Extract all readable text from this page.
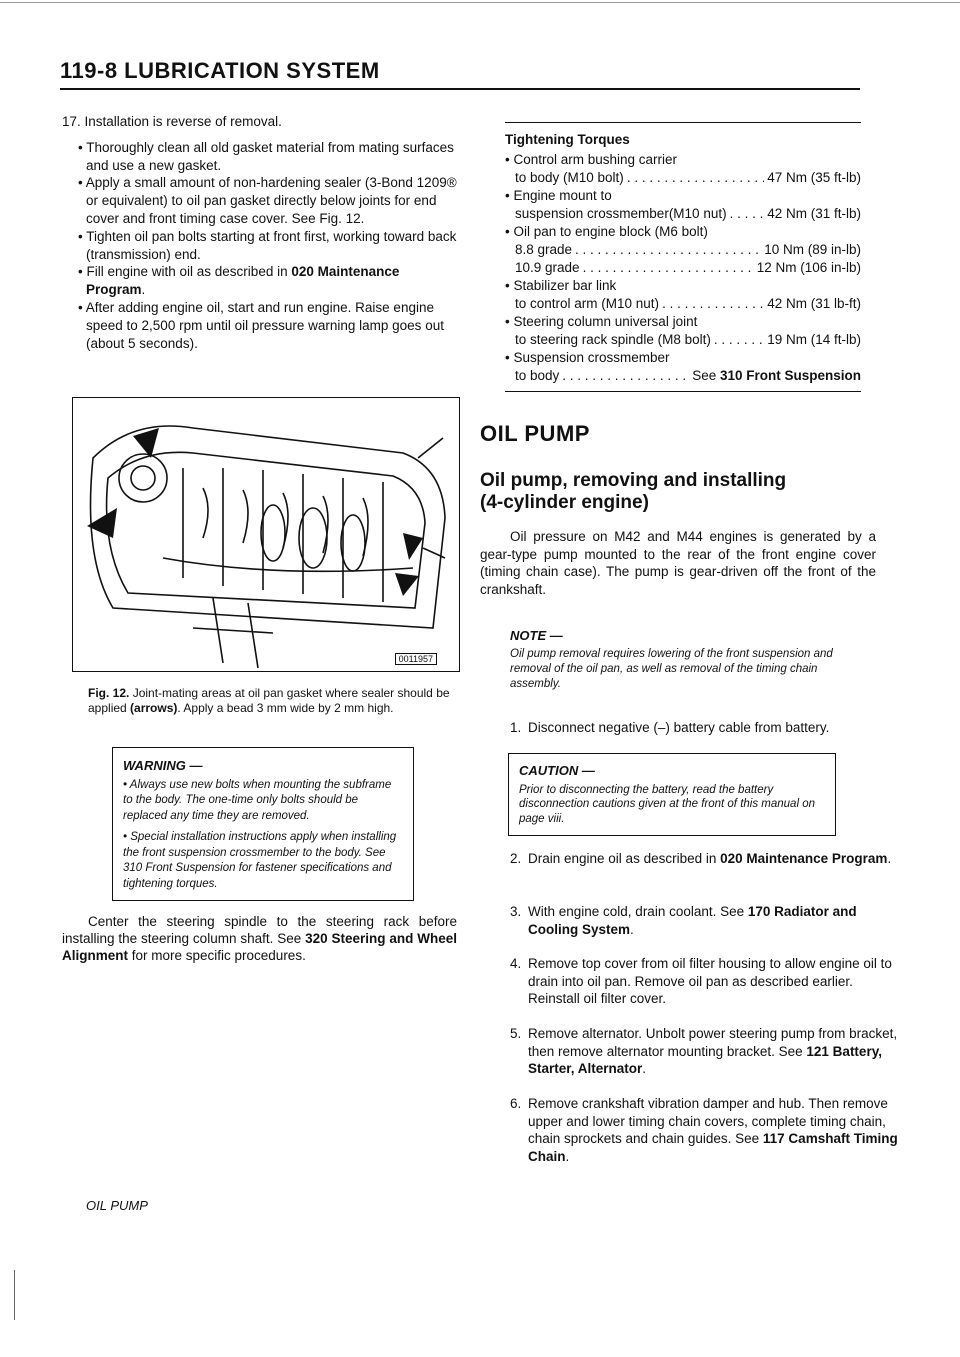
119-8 LUBRICATION SYSTEM

17. Installation is reverse of removal.

• Thoroughly clean all old gasket material from mating surfaces and use a new gasket.

• Apply a small amount of non-hardening sealer (3-Bond 1209® or equivalent) to oil pan gasket directly below joints for end cover and front timing case cover. See Fig. 12.

• Tighten oil pan bolts starting at front first, working toward back (transmission) end.

• Fill engine with oil as described in 020 Maintenance Program.

• After adding engine oil, start and run engine. Raise engine speed to 2,500 rpm until oil pressure warning lamp goes out (about 5 seconds).

Tightening Torques
• Control arm bushing carrier
to body (M10 bolt) . . .	47 Nm (35 ft-lb)
• Engine mount to
suspension crossmember(M10 nut) . . .	42 Nm (31 ft-lb)
• Oil pan to engine block (M6 bolt)
8.8 grade . . .	10 Nm (89 in-lb)
10.9 grade . . .	12 Nm (106 in-lb)
• Stabilizer bar link
to control arm (M10 nut) . . .	42 Nm (31 lb-ft)
• Steering column universal joint
to steering rack spindle (M8 bolt) . . .	19 Nm (14 ft-lb)
• Suspension crossmember
to body . . .	See 310 Front Suspension
0011957
Fig. 12. Joint-mating areas at oil pan gasket where sealer should be applied (arrows). Apply a bead 3 mm wide by 2 mm high.
WARNING —

• Always use new bolts when mounting the subframe to the body. The one-time only bolts should be replaced any time they are removed.

• Special installation instructions apply when installing the front suspension crossmember to the body. See 310 Front Suspension for fastener specifications and tightening torques.

Center the steering spindle to the steering rack before installing the steering column shaft. See 320 Steering and Wheel Alignment for more specific procedures.
OIL PUMP
Oil pump, removing and installing
(4-cylinder engine)
Oil pressure on M42 and M44 engines is generated by a gear-type pump mounted to the rear of the front engine cover (timing chain case). The pump is gear-driven off the front of the crankshaft.
NOTE —

Oil pump removal requires lowering of the front suspension and removal of the oil pan, as well as removal of the timing chain assembly.

CAUTION —

Prior to disconnecting the battery, read the battery disconnection cautions given at the front of this manual on page viii.

1. Disconnect negative (–) battery cable from battery.
2. Drain engine oil as described in 020 Maintenance Program.
3. With engine cold, drain coolant. See 170 Radiator and Cooling System.
4. Remove top cover from oil filter housing to allow engine oil to drain into oil pan. Remove oil pan as described earlier. Reinstall oil filter cover.
5. Remove alternator. Unbolt power steering pump from bracket, then remove alternator mounting bracket. See 121 Battery, Starter, Alternator.
6. Remove crankshaft vibration damper and hub. Then remove upper and lower timing chain covers, complete timing chain, chain sprockets and chain guides. See 117 Camshaft Timing Chain.
OIL PUMP
